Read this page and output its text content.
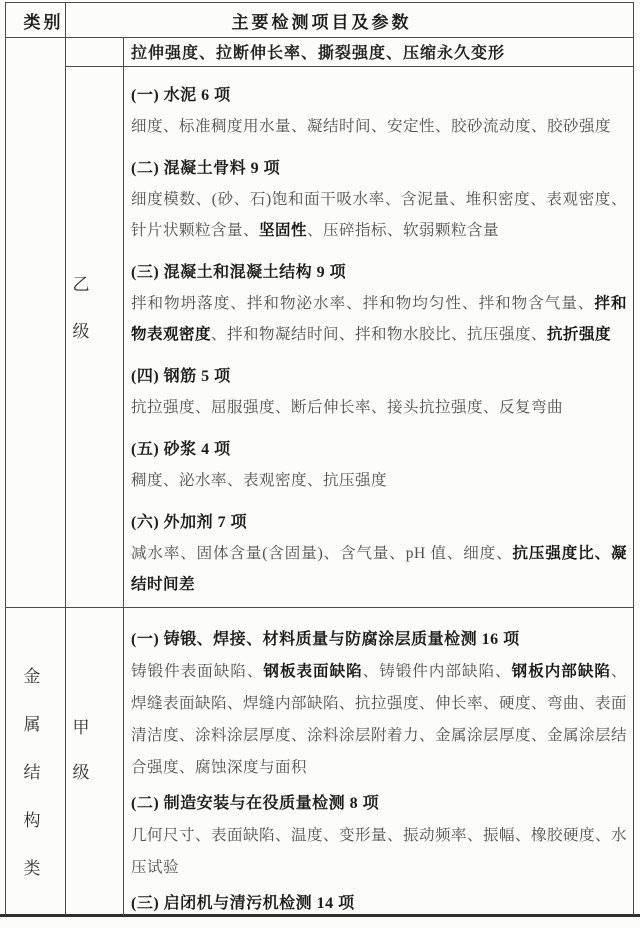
类别	主要检测项目及参数
拉伸强度、拉断伸长率、撕裂强度、压缩永久变形
乙
级

(一) 水泥 6 项

细度、标准稠度用水量、凝结时间、安定性、胶砂流动度、胶砂强度

(二) 混凝土骨料 9 项

细度模数、(砂、石)饱和面干吸水率、含泥量、堆积密度、表观密度、针片状颗粒含量、坚固性、压碎指标、软弱颗粒含量

(三) 混凝土和混凝土结构 9 项

拌和物坍落度、拌和物泌水率、拌和物均匀性、拌和物含气量、拌和物表观密度、拌和物凝结时间、拌和物水胶比、抗压强度、抗折强度

(四) 钢筋 5 项

抗拉强度、屈服强度、断后伸长率、接头抗拉强度、反复弯曲

(五) 砂浆 4 项

稠度、泌水率、表观密度、抗压强度

(六) 外加剂 7 项

减水率、固体含量(含固量)、含气量、pH 值、细度、抗压强度比、凝结时间差

金
属
结
构
类
甲
级

(一) 铸锻、焊接、材料质量与防腐涂层质量检测 16 项

铸锻件表面缺陷、钢板表面缺陷、铸锻件内部缺陷、钢板内部缺陷、焊缝表面缺陷、焊缝内部缺陷、抗拉强度、伸长率、硬度、弯曲、表面清洁度、涂料涂层厚度、涂料涂层附着力、金属涂层厚度、金属涂层结合强度、腐蚀深度与面积

(二) 制造安装与在役质量检测 8 项

几何尺寸、表面缺陷、温度、变形量、振动频率、振幅、橡胶硬度、水压试验

(三) 启闭机与清污机检测 14 项
